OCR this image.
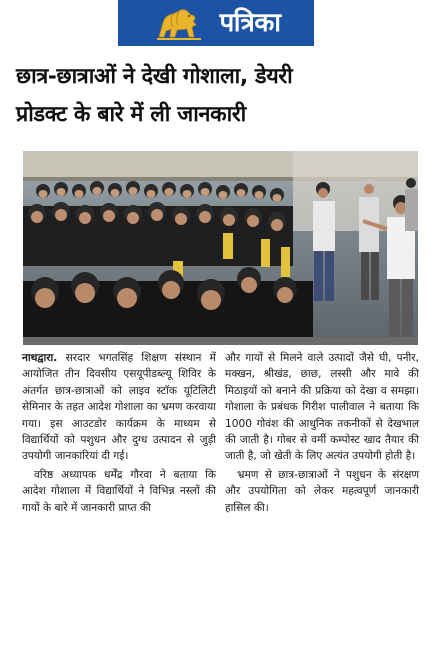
पत्रिका
छात्र-छात्राओं ने देखी गोशाला, डेयरी
प्रोडक्ट के बारे में ली जानकारी

नाथद्वारा. सरदार भगतसिंह शिक्षण संस्थान में आयोजित तीन दिवसीय एसयूपीडब्ल्यू शिविर के अंतर्गत छात्र-छात्राओं को लाइव स्टॉक यूटिलिटी सेमिनार के तहत आदेश गोशाला का भ्रमण करवाया गया। इस आउटडोर कार्यक्रम के माध्यम से विद्यार्थियों को पशुधन और दुग्ध उत्पादन से जुड़ी उपयोगी जानकारियां दी गई।

वरिष्ठ अध्यापक धर्मेंद्र गौरवा ने बताया कि आदेश गोशाला में विद्यार्थियों ने विभिन्न नस्लों की गायों के बारे में जानकारी प्राप्त की

और गायों से मिलने वाले उत्पादों जैसे घी, पनीर, मक्खन, श्रीखंड, छाछ, लस्सी और मावे की मिठाइयों को बनाने की प्रक्रिया को देखा व समझा। गोशाला के प्रबंधक गिरीश पालीवाल ने बताया कि 1000 गोवंश की आधुनिक तकनीकों से देखभाल की जाती है। गोबर से वर्मी कम्पोस्ट खाद तैयार की जाती है, जो खेती के लिए अत्यंत उपयोगी होती है।

भ्रमण से छात्र-छात्राओं ने पशुधन के संरक्षण और उपयोगिता को लेकर महत्वपूर्ण जानकारी हासिल की।
